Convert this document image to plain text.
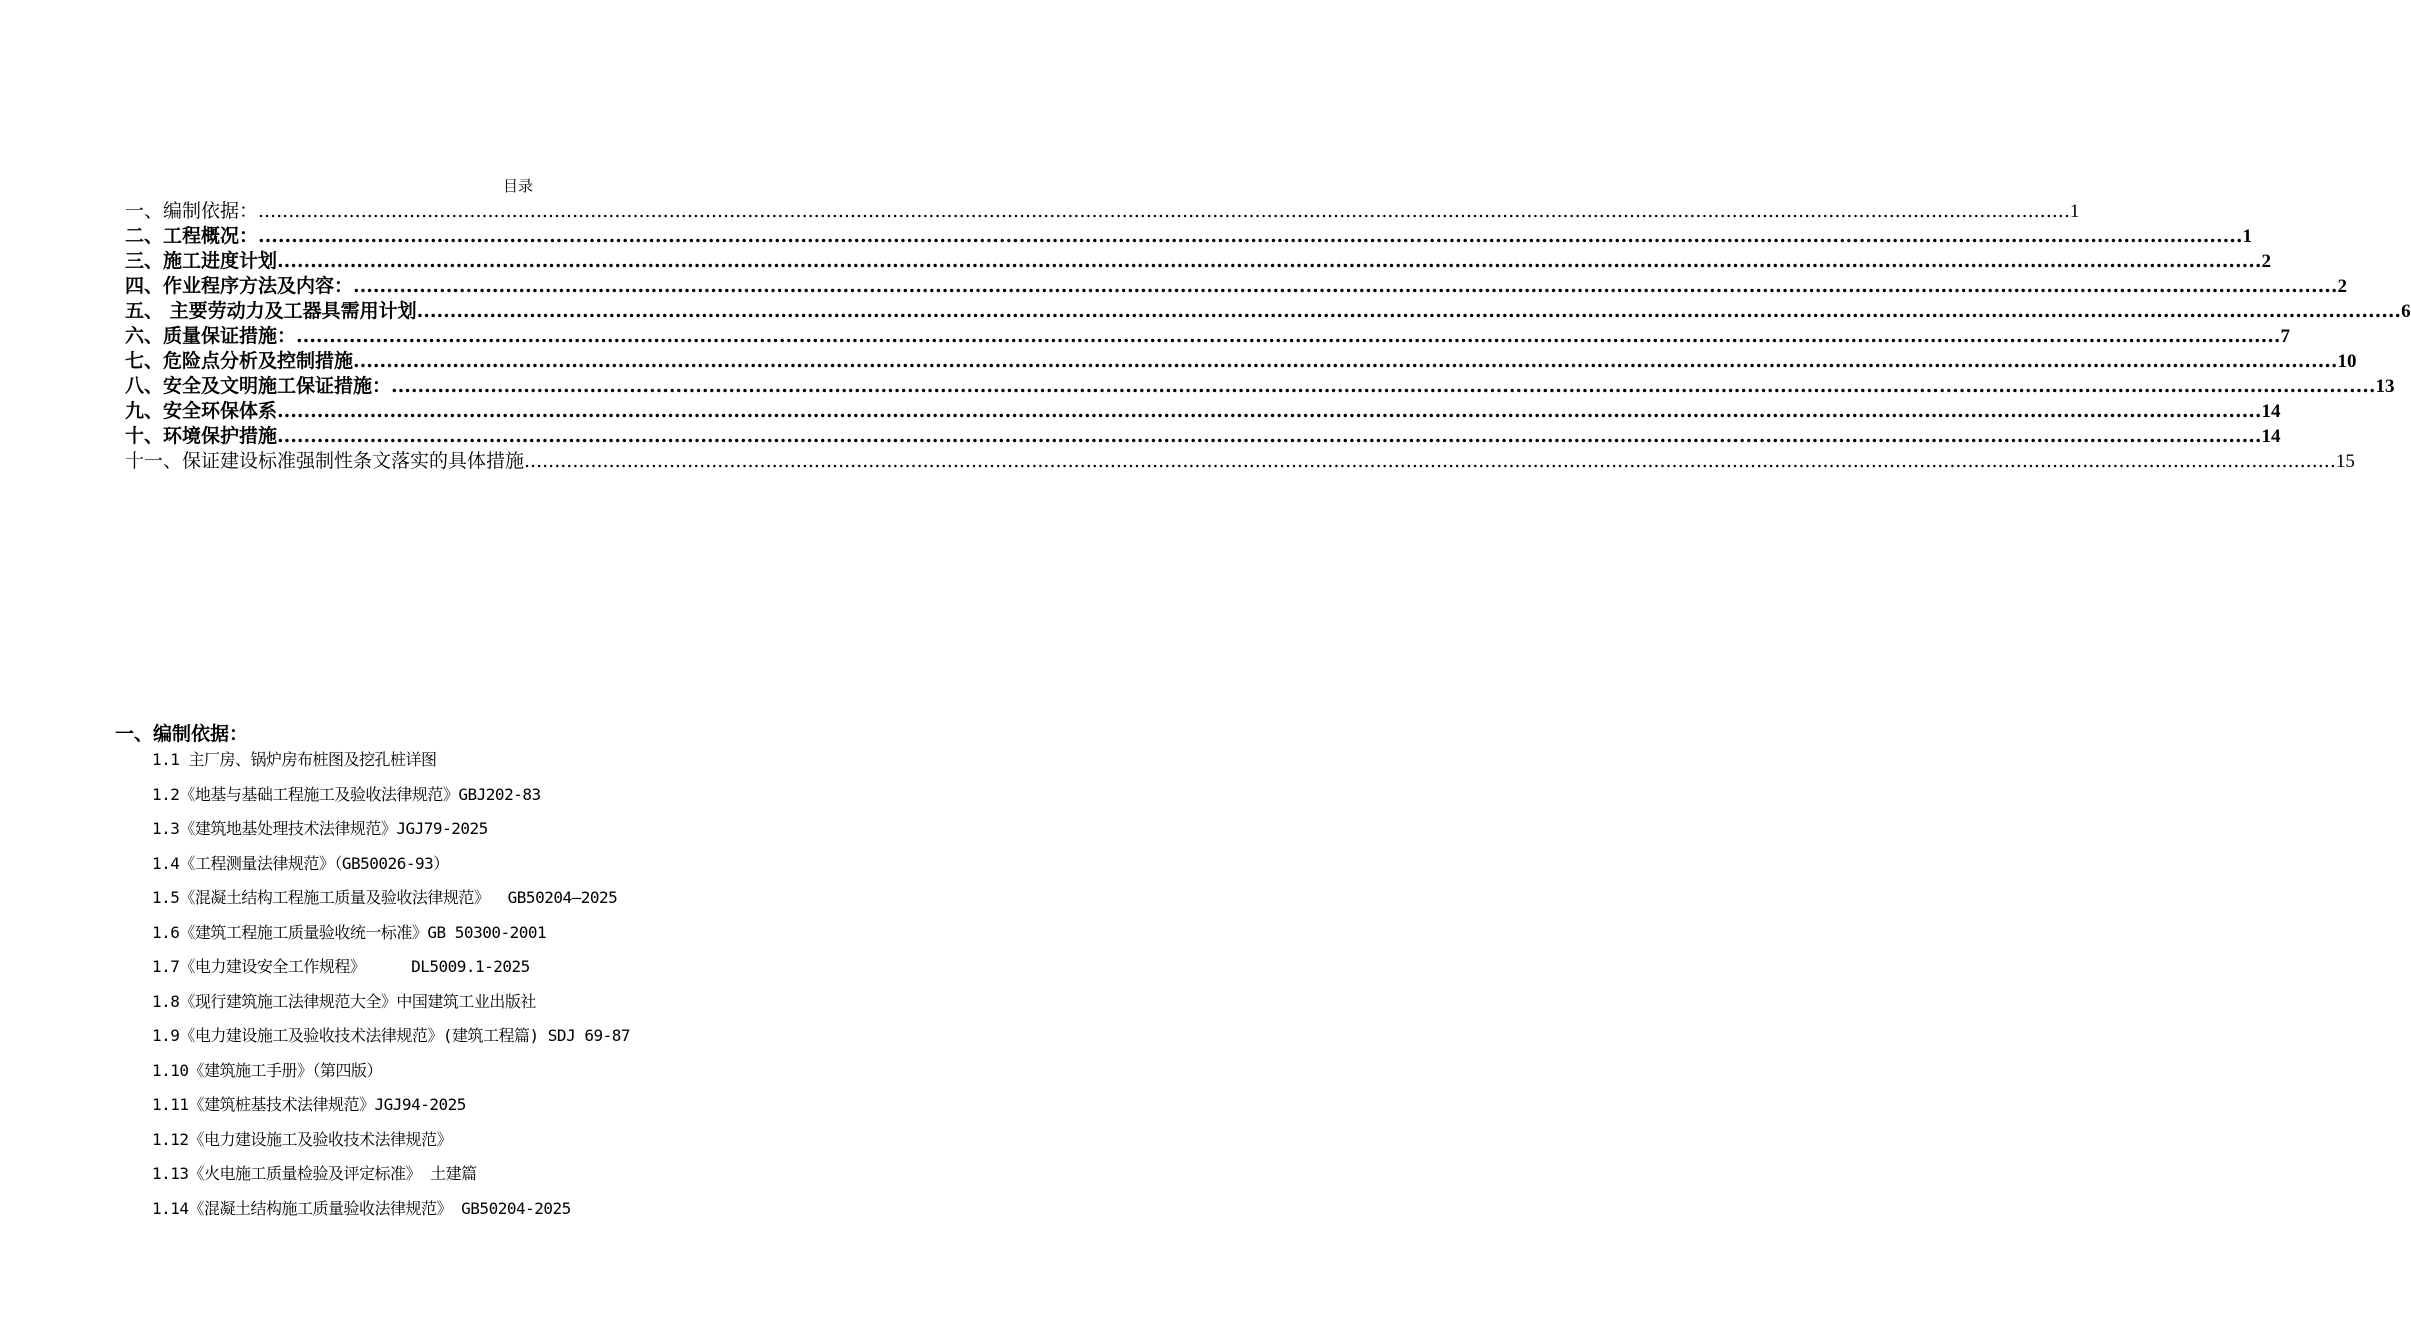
目录
一、编制依据： ............................................................................................................................................................................................................................................................................................................ 1
二、工程概况： ............................................................................................................................................................................................................................................................................................................ 1
三、施工进度计划 ............................................................................................................................................................................................................................................................................................................ 2
四、作业程序方法及内容： ............................................................................................................................................................................................................................................................................................................ 2
五、 主要劳动力及工器具需用计划 ............................................................................................................................................................................................................................................................................................................ 6
六、质量保证措施： ............................................................................................................................................................................................................................................................................................................ 7
七、危险点分析及控制措施 ............................................................................................................................................................................................................................................................................................................ 10
八、安全及文明施工保证措施： ............................................................................................................................................................................................................................................................................................................ 13
九、安全环保体系 ............................................................................................................................................................................................................................................................................................................ 14
十、环境保护措施 ............................................................................................................................................................................................................................................................................................................ 14
十一、保证建设标准强制性条文落实的具体措施 ............................................................................................................................................................................................................................................................................................................ 15
一、编制依据：
1.1 主厂房、锅炉房布桩图及挖孔桩详图
1.2《地基与基础工程施工及验收法律规范》GBJ202-83
1.3《建筑地基处理技术法律规范》JGJ79-2025
1.4《工程测量法律规范》（GB50026-93）
1.5《混凝土结构工程施工质量及验收法律规范》  GB50204—2025
1.6《建筑工程施工质量验收统一标准》GB 50300-2001
1.7《电力建设安全工作规程》     DL5009.1-2025
1.8《现行建筑施工法律规范大全》中国建筑工业出版社
1.9《电力建设施工及验收技术法律规范》(建筑工程篇) SDJ 69-87
1.10《建筑施工手册》（第四版）
1.11《建筑桩基技术法律规范》JGJ94-2025
1.12《电力建设施工及验收技术法律规范》
1.13《火电施工质量检验及评定标准》 土建篇
1.14《混凝土结构施工质量验收法律规范》 GB50204-2025
